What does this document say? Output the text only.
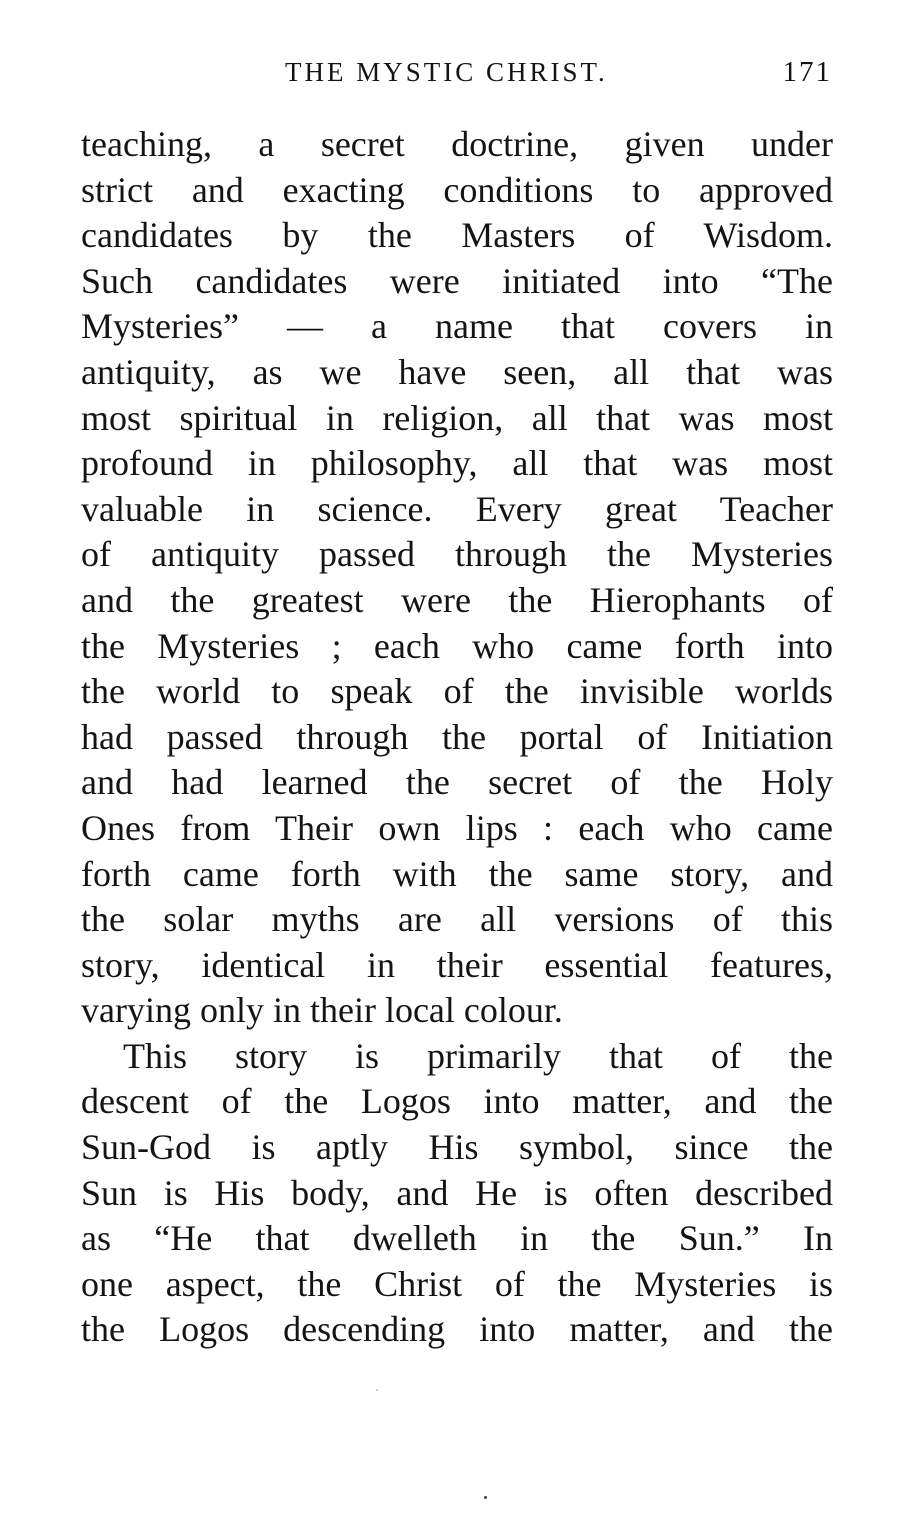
THE MYSTIC CHRIST.	171
teaching, a secret doctrine, given under
strict and exacting conditions to approved
candidates by the Masters of Wisdom.
Such candidates were initiated into “The
Mysteries” — a name that covers in
antiquity, as we have seen, all that was
most spiritual in religion, all that was most
profound in philosophy, all that was most
valuable in science. Every great Teacher
of antiquity passed through the Mysteries
and the greatest were the Hierophants of
the Mysteries ; each who came forth into
the world to speak of the invisible worlds
had passed through the portal of Initiation
and had learned the secret of the Holy
Ones from Their own lips : each who came
forth came forth with the same story, and
the solar myths are all versions of this
story, identical in their essential features,
varying only in their local colour.
This story is primarily that of the
descent of the Logos into matter, and the
Sun-God is aptly His symbol, since the
Sun is His body, and He is often described
as “He that dwelleth in the Sun.” In
one aspect, the Christ of the Mysteries is
the Logos descending into matter, and the
